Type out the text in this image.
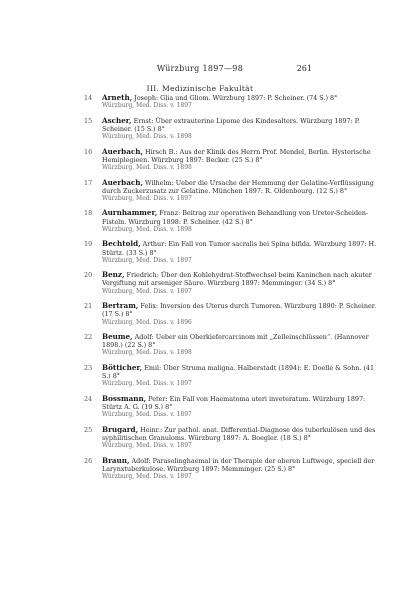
Würzburg 1897—98	261
III. Medizinische Fakultät
14	Arneth, Joseph: Glia und Gliom. Würzburg 1897: P. Scheiner. (74 S.) 8°
Würzburg, Med. Diss. v. 1897
15	Ascher, Ernst: Über extrauterine Lipome des Kindesalters. Würzburg 1897: P. Scheiner. (15 S.) 8°
Würzburg, Med. Diss. v. 1898
16	Auerbach, Hirsch B.: Aus der Klinik des Herrn Prof. Mendel, Berlin. Hysterische Hemiplegieen. Würzburg 1897: Becker. (25 S.) 8°
Würzburg, Med. Diss. v. 1898
17	Auerbach, Wilhelm: Ueber die Ursache der Hemmung der Gelatine-Verflüssigung durch Zuckerzusatz zur Gelatine. München 1897: R. Oldenbourg. (12 S.) 8°
Würzburg, Med. Diss. v. 1897
18	Aurnhammer, Franz: Beitrag zur operativen Behandlung von Ureter-Scheiden-Fisteln. Würzburg 1898: P. Scheiner. (42 S.) 8°
Würzburg, Med. Diss. v. 1898
19	Bechtold, Arthur: Ein Fall von Tumor sacralis bei Spina bifida. Würzburg 1897: H. Stürtz. (33 S.) 8°
Würzburg, Med. Diss. v. 1897
20	Benz, Friedrich: Über den Kohlehydrat-Stoffwechsel beim Kaninchen nach akuter Vergiftung mit arseniger Säure. Würzburg 1897: Memminger. (34 S.) 8°
Würzburg, Med. Diss. v. 1897
21	Bertram, Felix: Inversion des Uterus durch Tumoren. Würzburg 1890: P. Scheiner. (17 S.) 8°
Würzburg, Med. Diss. v. 1896
22	Beume, Adolf: Ueber ein Oberkiefercarcinom mit „Zelleinschlüssen“. (Hannover 1898.) (22 S.) 8°
Würzburg, Med. Diss. v. 1898
23	Bötticher, Emil: Über Struma maligna. Halberstadt (1894): E. Doelle & Sohn. (41 S.) 8°
Würzburg, Med. Diss. v. 1897
24	Bossmann, Peter: Ein Fall von Haematoma uteri inveteratum. Würzburg 1897: Stürtz A. G. (19 S.) 8°
Würzburg, Med. Diss. v. 1897
25	Brugard, Heinr.: Zur pathol. anat. Differential-Diagnose des tuberkulösen und des syphilitischen Granuloms. Würzburg 1897: A. Boegler. (18 S.) 8°
Würzburg, Med. Diss. v. 1897
26	Braun, Adolf: Parasolinghaemal in der Therapie der oberen Luftwege, speciell der Larynxtuberkulose. Würzburg 1897: Memminger. (25 S.) 8°
Würzburg, Med. Diss. v. 1897
